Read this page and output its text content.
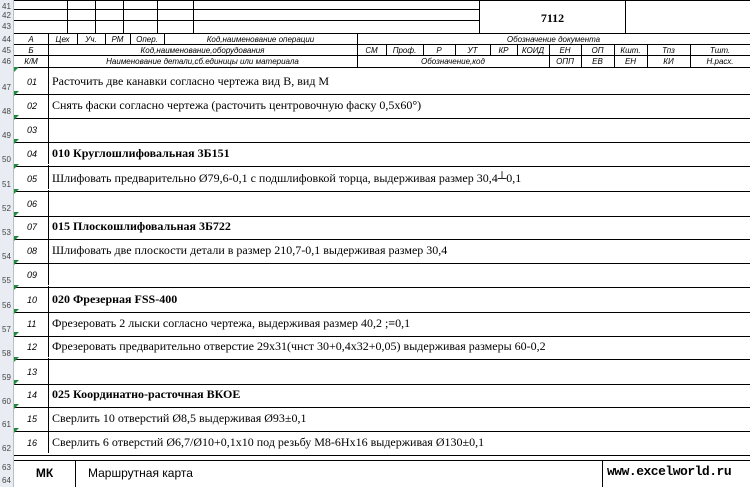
41
42
43
44
45
46
47
48
49
50
51
52
53
54
55
56
57
58
59
60
61
62
63
64
7112
А	Цех	Уч.	РМ	Опер.	Код,наименование операции	Обозначение документа
Б	Код,наименование,оборудования	СМ	Проф.	Р	УТ	КР	КОИД	ЕН	ОП	Кшт.	Тпз	Тшт.
К/М	Наименование детали,сб.единицы или материала	Обозначение,код	ОПП	ЕВ	ЕН	КИ	Н.расх.
01 Расточить две канавки согласно чертежа вид В, вид М
02 Снять фаски согласно чертежа (расточить центровочную фаску 0,5х60°)
03
04 010 Круглошлифовальная 3Б151
05 Шлифовать предварительно Ø79,6-0,1 с подшлифовкой торца, выдерживая размер 30,4┴0,1
06
07 015 Плоскошлифовальная 3Б722
08 Шлифовать две плоскости детали в размер 210,7-0,1 выдерживая размер 30,4
09
10 020 Фрезерная FSS-400
11 Фрезеровать 2 лыски согласно чертежа, выдерживая размер 40,2 ;≡0,1
12 Фрезеровать предварительно отверстие 29х31(чнст 30+0,4х32+0,05) выдерживая размеры 60-0,2
13
14 025 Координатно-расточная ВКОЕ
15 Сверлить 10 отверстий Ø8,5 выдерживая Ø93±0,1
16 Сверлить 6 отверстий Ø6,7/Ø10+0,1х10 под резьбу М8-6Нх16 выдерживая Ø130±0,1
МК	Маршрутная карта	www.excelworld.ru
